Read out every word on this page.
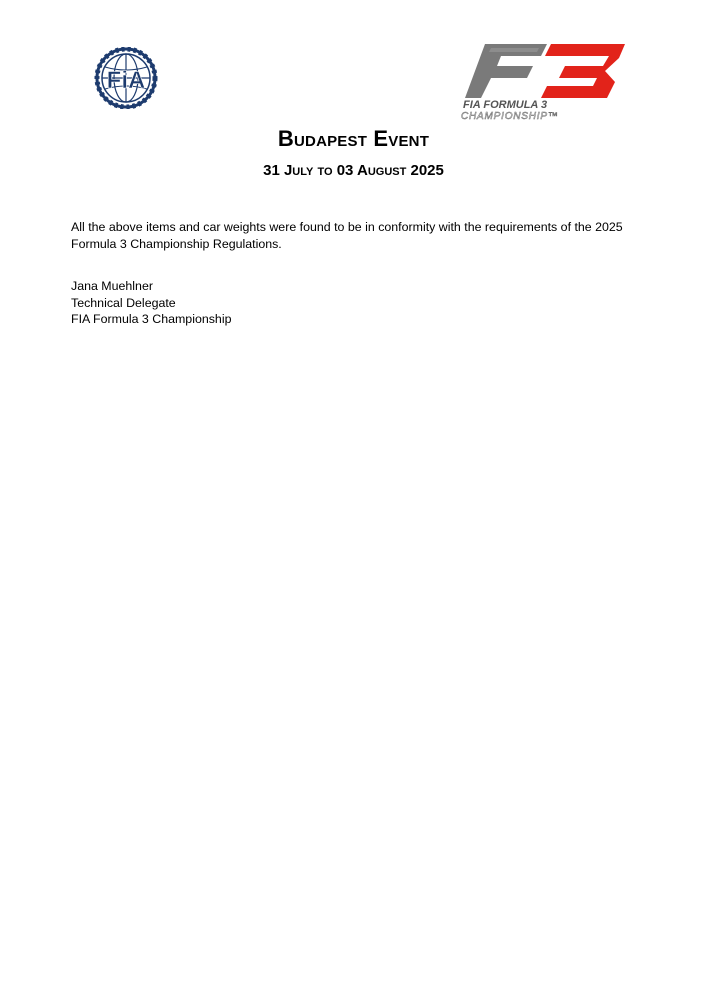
FiA
FIA FORMULA 3
CHAMPIONSHIP™
Budapest Event
31 July to 03 August 2025
All the above items and car weights were found to be in conformity with the requirements of the 2025 Formula 3 Championship Regulations.
Jana Muehlner
Technical Delegate
FIA Formula 3 Championship
